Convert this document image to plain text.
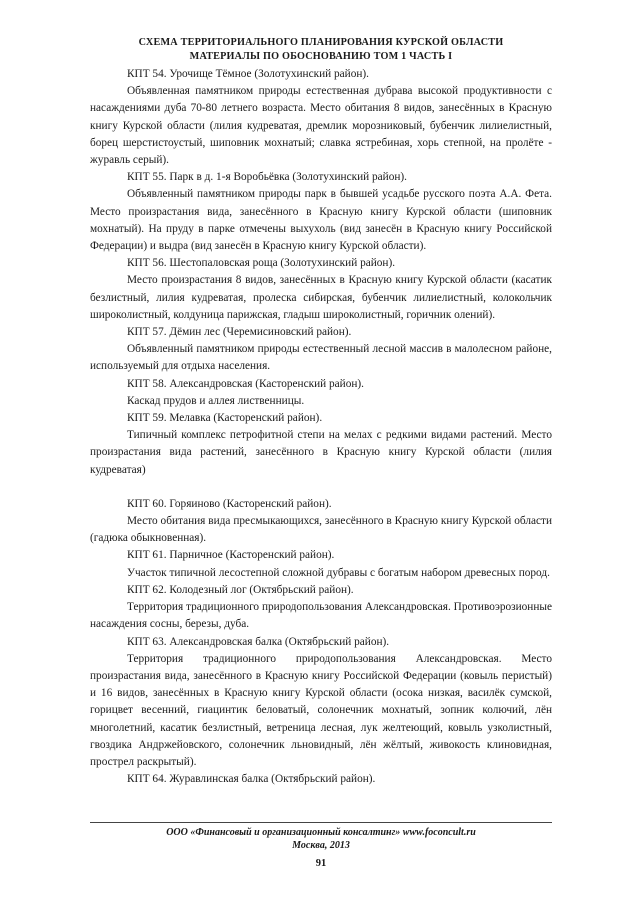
СХЕМА ТЕРРИТОРИАЛЬНОГО ПЛАНИРОВАНИЯ КУРСКОЙ ОБЛАСТИ
МАТЕРИАЛЫ ПО ОБОСНОВАНИЮ ТОМ 1 ЧАСТЬ I

КПТ 54. Урочище Тёмное (Золотухинский район).

Объявленная памятником природы естественная дубрава высокой продуктивности с насаждениями дуба 70-80 летнего возраста. Место обитания 8 видов, занесённых в Красную книгу Курской области (лилия кудреватая, дремлик морозниковый, бубенчик лилиелистный, борец шерстистоустый, шиповник мохнатый; славка ястребиная, хорь степной, на пролёте - журавль серый).

КПТ 55. Парк в д. 1-я Воробьёвка (Золотухинский район).

Объявленный памятником природы парк в бывшей усадьбе русского поэта А.А. Фета. Место произрастания вида, занесённого в Красную книгу Курской области (шиповник мохнатый). На пруду в парке отмечены выхухоль (вид занесён в Красную книгу Российской Федерации) и выдра (вид занесён в Красную книгу Курской области).

КПТ 56. Шестопаловская роща (Золотухинский район).

Место произрастания 8 видов, занесённых в Красную книгу Курской области (касатик безлистный, лилия кудреватая, пролеска сибирская, бубенчик лилиелистный, колокольчик широколистный, колдуница парижская, гладыш широколистный, горичник олений).

КПТ 57. Дёмин лес (Черемисиновский район).

Объявленный памятником природы естественный лесной массив в малолесном районе, используемый для отдыха населения.

КПТ 58. Александровская (Касторенский район).

Каскад прудов и аллея лиственницы.

КПТ 59. Мелавка (Касторенский район).

Типичный комплекс петрофитной степи на мелах с редкими видами растений. Место произрастания вида растений, занесённого в Красную книгу Курской области (лилия кудреватая)

КПТ 60. Горяиново (Касторенский район).

Место обитания вида пресмыкающихся, занесённого в Красную книгу Курской области (гадюка обыкновенная).

КПТ 61. Парничное (Касторенский район).

Участок типичной лесостепной сложной дубравы с богатым набором древесных пород.

КПТ 62. Колодезный лог (Октябрьский район).

Территория традиционного природопользования Александровская. Противоэрозионные насаждения сосны, березы, дуба.

КПТ 63. Александровская балка (Октябрьский район).

Территория традиционного природопользования Александровская. Место произрастания вида, занесённого в Красную книгу Российской Федерации (ковыль перистый) и 16 видов, занесённых в Красную книгу Курской области (осока низкая, василёк сумской, горицвет весенний, гиацинтик беловатый, солонечник мохнатый, зопник колючий, лён многолетний, касатик безлистный, ветреница лесная, лук желтеющий, ковыль узколистный, гвоздика Андржейовского, солонечник льновидный, лён жёлтый, живокость клиновидная, прострел раскрытый).

КПТ 64. Журавлинская балка (Октябрьский район).

ООО «Финансовый и организационный консалтинг» www.foconcult.ru
Москва, 2013
91
